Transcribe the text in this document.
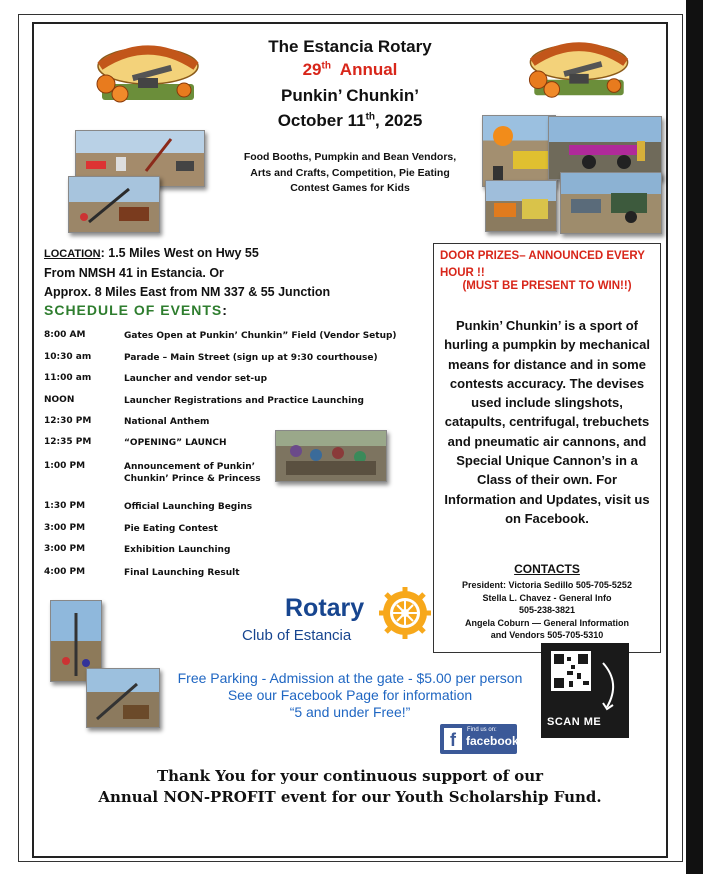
The Estancia Rotary
29th Annual
Punkin’ Chunkin’
October 11th, 2025
Food Booths, Pumpkin and Bean Vendors, Arts and Crafts, Competition, Pie Eating Contest Games for Kids
LOCATION: 1.5 Miles West on Hwy 55
From NMSH 41 in Estancia. Or
Approx. 8 Miles East from NM 337 & 55 Junction
SCHEDULE OF EVENTS:
8:00 AM	Gates Open at Punkin’ Chunkin” Field (Vendor Setup)
10:30 am	Parade – Main Street (sign up at 9:30 courthouse)
11:00 am	Launcher and vendor set-up
NOON	Launcher Registrations and Practice Launching
12:30 PM	National Anthem
12:35 PM	“OPENING” LAUNCH
1:00 PM	Announcement of Punkin’ Chunkin’ Prince & Princess
1:30 PM	Official Launching Begins
3:00 PM	Pie Eating Contest
3:00 PM	Exhibition Launching
4:00 PM	Final Launching Result
DOOR PRIZES– ANNOUNCED EVERY HOUR !!
(MUST BE PRESENT TO WIN!!)
Punkin’ Chunkin’ is a sport of hurling a pumpkin by mechanical means for distance and in some contests accuracy. The devises used include slingshots, catapults, centrifugal, trebuchets and pneumatic air cannons, and Special Unique Cannon’s in a Class of their own. For Information and Updates, visit us on Facebook.
CONTACTS
President: Victoria Sedillo 505-705-5252
Stella L. Chavez - General Info
505-238-3821
Angela Coburn — General Information
and Vendors 505-705-5310
Rotary
Club of Estancia
Free Parking - Admission at the gate - $5.00 per person
See our Facebook Page for information
“5 and under Free!”
f	Find us on:
facebook.
SCAN ME
Thank You for your continuous support of our
Annual NON-PROFIT event for our Youth Scholarship Fund.
